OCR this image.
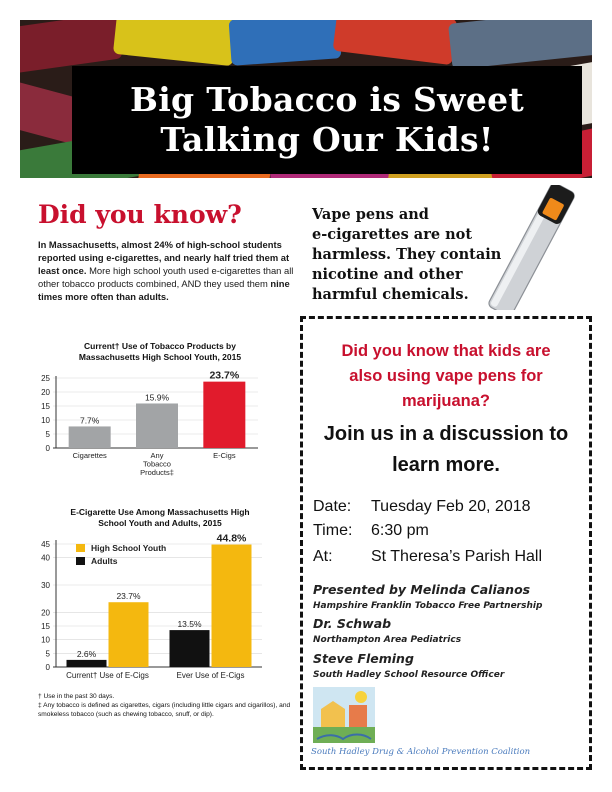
Big Tobacco is Sweet
Talking Our Kids!
Did you know?
In Massachusetts, almost 24% of high-school students reported using e-cigarettes, and nearly half tried them at least once. More high school youth used e-cigarettes than all other tobacco products combined, AND they used them nine times more often than adults.
Current† Use of Tobacco Products by
Massachusetts High School Youth, 2015
0
5
10
15
20
25
7.7%
Cigarettes
15.9%
Any
Tobacco
Products‡
23.7%
E-Cigs
E-Cigarette Use Among Massachusetts High
School Youth and Adults, 2015
0
5
10
15
20
30
40
45
2.6%
23.7%
Current† Use of E-Cigs
13.5%
44.8%
Ever Use of E-Cigs
High School Youth
Adults
† Use in the past 30 days.
‡ Any tobacco is defined as cigarettes, cigars (including little cigars and cigarillos), and smokeless tobacco (such as chewing tobacco, snuff, or dip).
Vape pens and
e-cigarettes are not
harmless. They contain
nicotine and other
harmful chemicals.
Did you know that kids are
also using vape pens for
marijuana?
Join us in a discussion to
learn more.
Date: Tuesday Feb 20, 2018
Time: 6:30 pm
At: St Theresa’s Parish Hall
Presented by Melinda Calianos
Hampshire Franklin Tobacco Free Partnership
Dr. Schwab
Northampton Area Pediatrics
Steve Fleming
South Hadley School Resource Officer
South Hadley Drug & Alcohol Prevention Coalition
